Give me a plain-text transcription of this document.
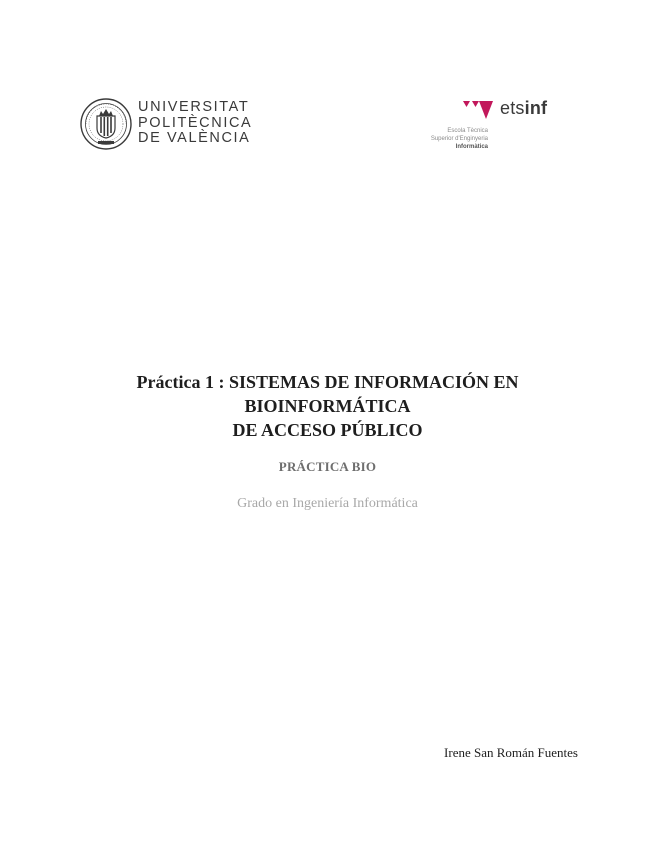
UNIVERSITAT
POLITÈCNICA
DE VALÈNCIA
etsinf
Escola Tècnica
Superior d'Enginyeria
Informàtica
Práctica 1 : SISTEMAS DE INFORMACIÓN EN
BIOINFORMÁTICA
DE ACCESO PÚBLICO
PRÁCTICA BIO
Grado en Ingeniería Informática
Irene San Román Fuentes
